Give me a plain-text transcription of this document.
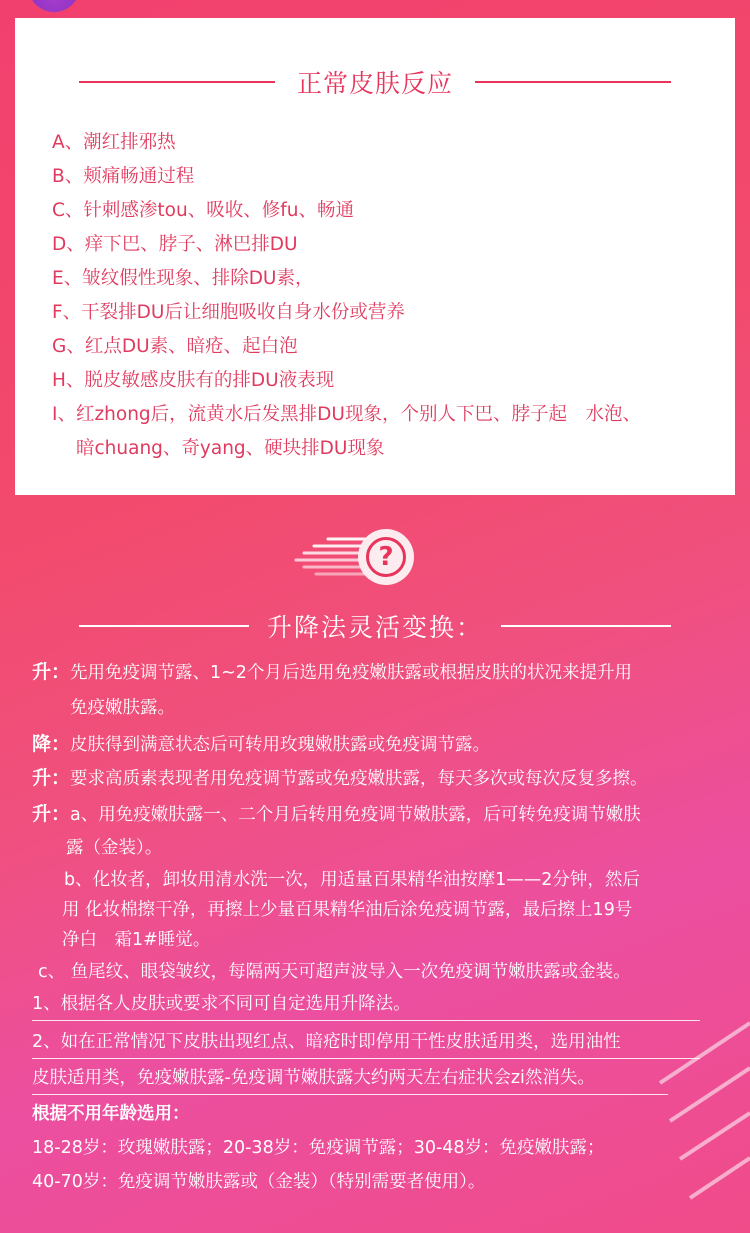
正常皮肤反应
A、潮红排邪热
B、颊痛畅通过程
C、针刺感渗tou、吸收、修fu、畅通
D、痒下巴、脖子、淋巴排DU
E、皱纹假性现象、排除DU素，
F、干裂排DU后让细胞吸收自身水份或营养
G、红点DU素、暗疮、起白泡
H、脱皮敏感皮肤有的排DU液表现
I、红zhong后，流黄水后发黑排DU现象，个别人下巴、脖子起　水泡、
暗chuang、奇yang、硬块排DU现象
?
升降法灵活变换：
升：先用免疫调节露、1~2个月后选用免疫嫩肤露或根据皮肤的状况来提升用
免疫嫩肤露。
降：皮肤得到满意状态后可转用玫瑰嫩肤露或免疫调节露。
升：要求高质素表现者用免疫调节露或免疫嫩肤露，每天多次或每次反复多擦。
升：a、用免疫嫩肤露一、二个月后转用免疫调节嫩肤露，后可转免疫调节嫩肤
露（金装）。
b、化妆者，卸妆用清水洗一次，用适量百果精华油按摩1——2分钟，然后
用 化妆棉擦干净，再擦上少量百果精华油后涂免疫调节露，最后擦上19号
净白　霜1#睡觉。
c、 鱼尾纹、眼袋皱纹，每隔两天可超声波导入一次免疫调节嫩肤露或金装。
1、根据各人皮肤或要求不同可自定选用升降法。
2、如在正常情况下皮肤出现红点、暗疮时即停用干性皮肤适用类，选用油性
皮肤适用类，免疫嫩肤露-免疫调节嫩肤露大约两天左右症状会zi然消失。
根据不用年龄选用：
18-28岁：玫瑰嫩肤露；20-38岁：免疫调节露；30-48岁：免疫嫩肤露；
40-70岁：免疫调节嫩肤露或（金装）（特别需要者使用）。
